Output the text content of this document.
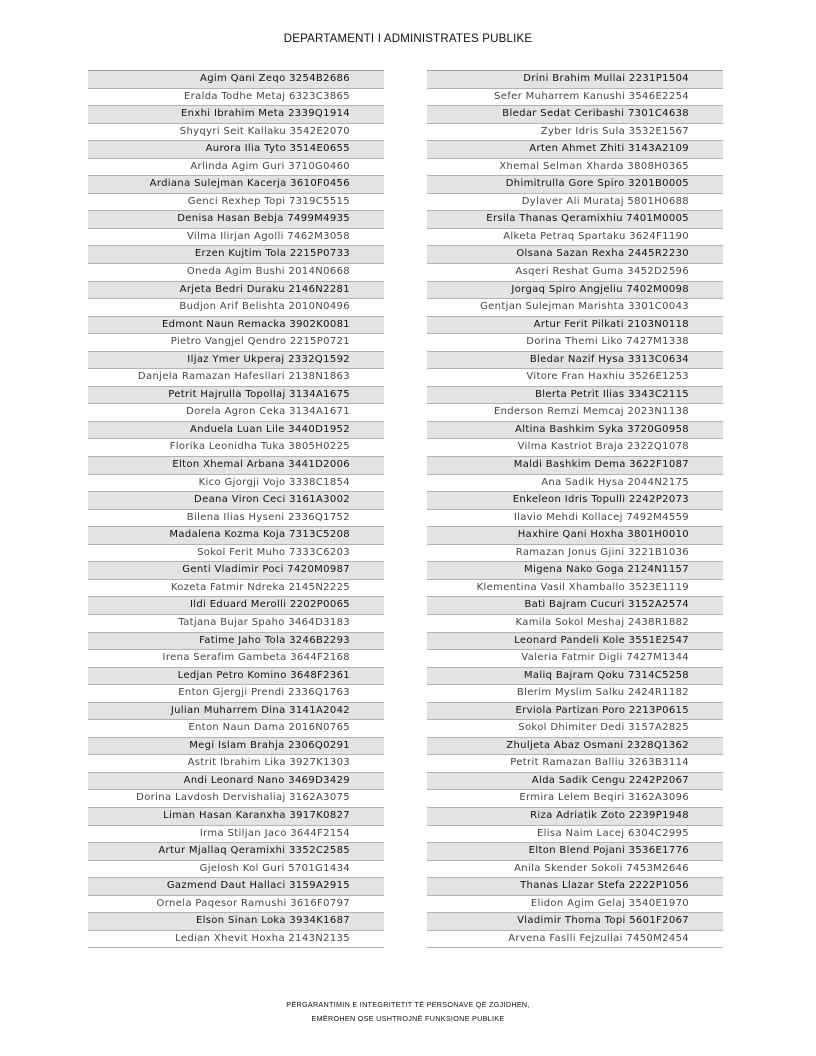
DEPARTAMENTI I ADMINISTRATES PUBLIKE
Agim Qani Zeqo 3254B2686
Eralda Todhe Metaj 6323C3865
Enxhi Ibrahim Meta 2339Q1914
Shyqyri Seit Kallaku 3542E2070
Aurora Ilia Tyto 3514E0655
Arlinda Agim Guri 3710G0460
Ardiana Sulejman Kacerja 3610F0456
Genci Rexhep Topi 7319C5515
Denisa Hasan Bebja 7499M4935
Vilma Ilirjan Agolli 7462M3058
Erzen Kujtim Tola 2215P0733
Oneda Agim Bushi 2014N0668
Arjeta Bedri Duraku 2146N2281
Budjon Arif Belishta 2010N0496
Edmont Naun Remacka 3902K0081
Pietro Vangjel Qendro 2215P0721
Iljaz Ymer Ukperaj 2332Q1592
Danjela Ramazan Hafesllari 2138N1863
Petrit Hajrulla Topollaj 3134A1675
Dorela Agron Ceka 3134A1671
Anduela Luan Lile 3440D1952
Florika Leonidha Tuka 3805H0225
Elton Xhemal Arbana 3441D2006
Kico Gjorgji Vojo 3338C1854
Deana Viron Ceci 3161A3002
Bilena Ilias Hyseni 2336Q1752
Madalena Kozma Koja 7313C5208
Sokol Ferit Muho 7333C6203
Genti Vladimir Poci 7420M0987
Kozeta Fatmir Ndreka 2145N2225
Ildi Eduard Merolli 2202P0065
Tatjana Bujar Spaho 3464D3183
Fatime Jaho Tola 3246B2293
Irena Serafim Gambeta 3644F2168
Ledjan Petro Komino 3648F2361
Enton Gjergji Prendi 2336Q1763
Julian Muharrem Dina 3141A2042
Enton Naun Dama 2016N0765
Megi Islam Brahja 2306Q0291
Astrit Ibrahim Lika 3927K1303
Andi Leonard Nano 3469D3429
Dorina Lavdosh Dervishaliaj 3162A3075
Liman Hasan Karanxha 3917K0827
Irma Stiljan Jaco 3644F2154
Artur Mjallaq Qeramixhi 3352C2585
Gjelosh Kol Guri 5701G1434
Gazmend Daut Hallaci 3159A2915
Ornela Paqesor Ramushi 3616F0797
Elson Sinan Loka 3934K1687
Ledian Xhevit Hoxha 2143N2135
Drini Brahim Mullai 2231P1504
Sefer Muharrem Kanushi 3546E2254
Bledar Sedat Ceribashi 7301C4638
Zyber Idris Sula 3532E1567
Arten Ahmet Zhiti 3143A2109
Xhemal Selman Xharda 3808H0365
Dhimitrulla Gore Spiro 3201B0005
Dylaver Ali Murataj 5801H0688
Ersila Thanas Qeramixhiu 7401M0005
Alketa Petraq Spartaku 3624F1190
Olsana Sazan Rexha 2445R2230
Asqeri Reshat Guma 3452D2596
Jorgaq Spiro Angjeliu 7402M0098
Gentjan Sulejman Marishta 3301C0043
Artur Ferit Pilkati 2103N0118
Dorina Themi Liko 7427M1338
Bledar Nazif Hysa 3313C0634
Vitore Fran Haxhiu 3526E1253
Blerta Petrit Ilias 3343C2115
Enderson Remzi Memcaj 2023N1138
Altina Bashkim Syka 3720G0958
Vilma Kastriot Braja 2322Q1078
Maldi Bashkim Dema 3622F1087
Ana Sadik Hysa 2044N2175
Enkeleon Idris Topulli 2242P2073
Ilavio Mehdi Kollacej 7492M4559
Haxhire Qani Hoxha 3801H0010
Ramazan Jonus Gjini 3221B1036
Migena Nako Goga 2124N1157
Klementina Vasil Xhamballo 3523E1119
Bati Bajram Cucuri 3152A2574
Kamila Sokol Meshaj 2438R1882
Leonard Pandeli Kole 3551E2547
Valeria Fatmir Digli 7427M1344
Maliq Bajram Qoku 7314C5258
Blerim Myslim Salku 2424R1182
Erviola Partizan Poro 2213P0615
Sokol Dhimiter Dedi 3157A2825
Zhuljeta Abaz Osmani 2328Q1362
Petrit Ramazan Balliu 3263B3114
Alda Sadik Cengu 2242P2067
Ermira Lelem Beqiri 3162A3096
Riza Adriatik Zoto 2239P1948
Elisa Naim Lacej 6304C2995
Elton Blend Pojani 3536E1776
Anila Skender Sokoli 7453M2646
Thanas Llazar Stefa 2222P1056
Elidon Agim Gelaj 3540E1970
Vladimir Thoma Topi 5601F2067
Arvena Faslli Fejzullai 7450M2454
PËRGARANTIMIN E INTEGRITETIT TË PERSONAVE QË ZGJIDHEN,
EMËROHEN OSE USHTROJNË FUNKSIONE PUBLIKE
